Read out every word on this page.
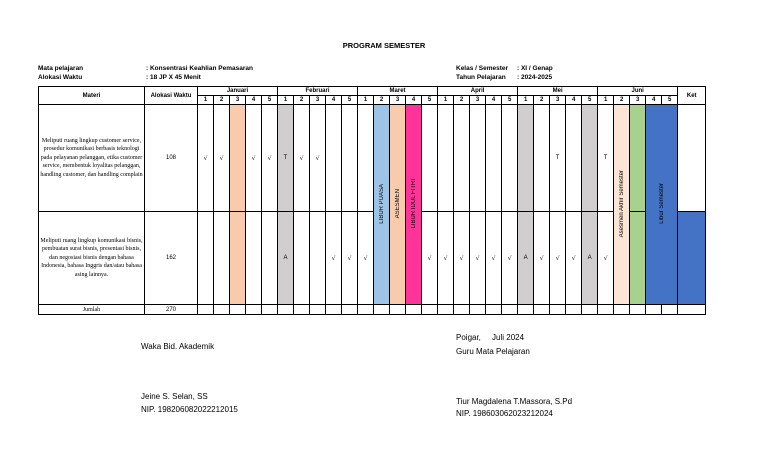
PROGRAM SEMESTER
Mata pelajaran	: Konsentrasi Keahlian Pemasaran
Alokasi Waktu	: 18 JP X 45 Menit
Kelas / Semester : XI / Genap
Tahun Pelajaran : 2024-2025
Materi	Alokasi Waktu	Januari					Februari					Maret					April					Mei					Juni					Ket	
		1	2	3	4	5	1	2	3	4	5	1	2	3	4	5	1	2	3	4	5	1	2	3	4	5	1	2	3	4	5		
Meliputi ruang lingkup customer service, prosedur komunikasi berbasis teknologi pada pelayanan pelanggan, etika customer service, membentuk loyalitas pelanggan, handling customer, dan handling complain	108	√	√		√	√	T	√	√				LIBUR PUASA	ASESMEN	LIBUR IDUL FITRI									T			T	Asesmen Akhir Semester		Libur Semester			
Meliputi ruang lingkup komunikasi bisnis, pembuatan surat bisnis, presentasi bisnis, dan negosiasi bisnis dengan bahasa Indonesia, bahasa Inggris dan/atau bahasa asing lainnya.	162						A			√	√	√				√	√	√	√	√	√	A	√	√	√	A	√						
Jumlah	270																																
Waka Bid. Akademik
Jeine S. Selan, SS
NIP. 198206082022212015
Poigar,     Juli 2024
Guru Mata Pelajaran
Tiur Magdalena T.Massora, S.Pd
NIP. 198603062023212024
